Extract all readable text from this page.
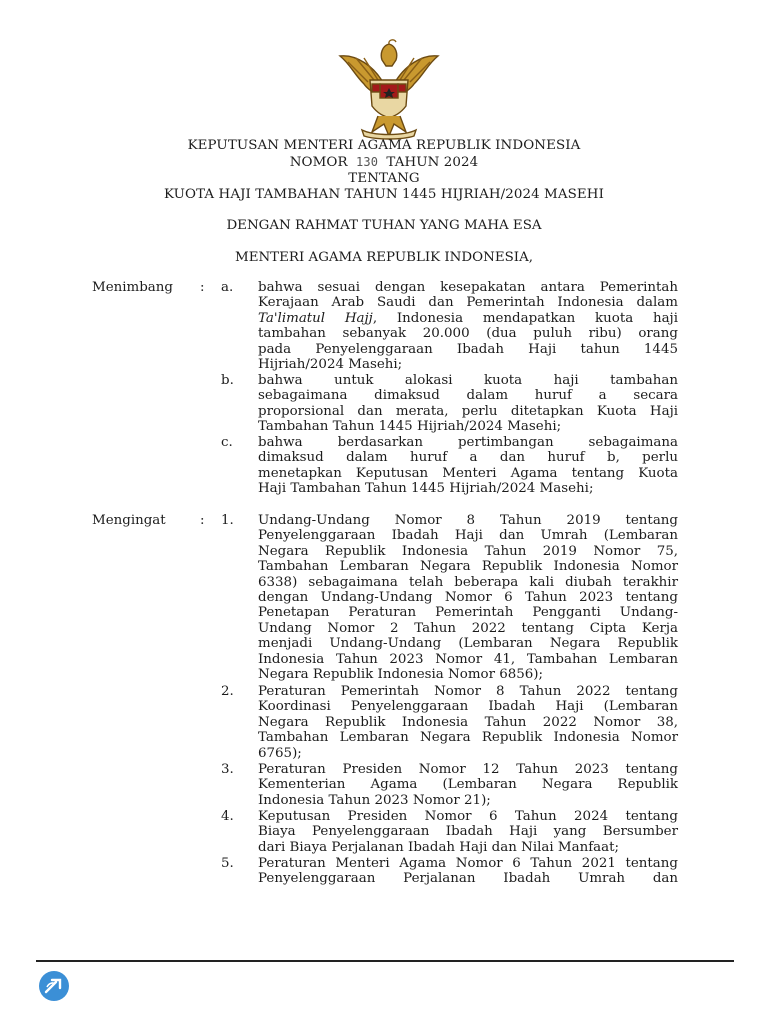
KEPUTUSAN MENTERI AGAMA REPUBLIK INDONESIA
NOMOR 130 TAHUN 2024
TENTANG
KUOTA HAJI TAMBAHAN TAHUN 1445 HIJRIAH/2024 MASEHI
DENGAN RAHMAT TUHAN YANG MAHA ESA
MENTERI AGAMA REPUBLIK INDONESIA,
Menimbang : a. bahwa sesuai dengan kesepakatan antara Pemerintah
Kerajaan Arab Saudi dan Pemerintah Indonesia dalam
Ta'limatul Hajj, Indonesia mendapatkan kuota haji
tambahan sebanyak 20.000 (dua puluh ribu) orang
pada Penyelenggaraan Ibadah Haji tahun 1445
Hijriah/2024 Masehi;
b. bahwa untuk alokasi kuota haji tambahan
sebagaimana dimaksud dalam huruf a secara
proporsional dan merata, perlu ditetapkan Kuota Haji
Tambahan Tahun 1445 Hijriah/2024 Masehi;
c. bahwa berdasarkan pertimbangan sebagaimana
dimaksud dalam huruf a dan huruf b, perlu
menetapkan Keputusan Menteri Agama tentang Kuota
Haji Tambahan Tahun 1445 Hijriah/2024 Masehi;
Mengingat	: 1. Undang-Undang Nomor 8 Tahun 2019 tentang
Penyelenggaraan Ibadah Haji dan Umrah (Lembaran
Negara Republik Indonesia Tahun 2019 Nomor 75,
Tambahan Lembaran Negara Republik Indonesia Nomor
6338) sebagaimana telah beberapa kali diubah terakhir
dengan Undang-Undang Nomor 6 Tahun 2023 tentang
Penetapan Peraturan Pemerintah Pengganti Undang-
Undang Nomor 2 Tahun 2022 tentang Cipta Kerja
menjadi Undang-Undang (Lembaran Negara Republik
Indonesia Tahun 2023 Nomor 41, Tambahan Lembaran
Negara Republik Indonesia Nomor 6856);
2. Peraturan Pemerintah Nomor 8 Tahun 2022 tentang
Koordinasi Penyelenggaraan Ibadah Haji (Lembaran
Negara Republik Indonesia Tahun 2022 Nomor 38,
Tambahan Lembaran Negara Republik Indonesia Nomor
6765);
3. Peraturan Presiden Nomor 12 Tahun 2023 tentang
Kementerian Agama (Lembaran Negara Republik
Indonesia Tahun 2023 Nomor 21);
4. Keputusan Presiden Nomor 6 Tahun 2024 tentang
Biaya Penyelenggaraan Ibadah Haji yang Bersumber
dari Biaya Perjalanan Ibadah Haji dan Nilai Manfaat;
5. Peraturan Menteri Agama Nomor 6 Tahun 2021 tentang
Penyelenggaraan Perjalanan Ibadah Umrah dan
